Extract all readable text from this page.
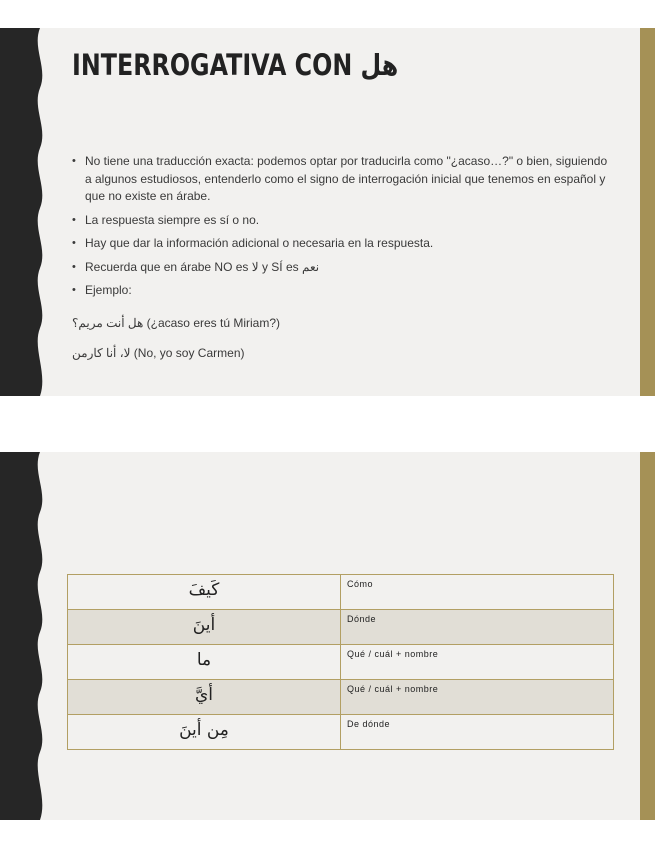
INTERROGATIVA CON هل
• No tiene una traducción exacta: podemos optar por traducirla como "¿acaso…?" o bien, siguiendo a algunos estudiosos, entenderlo como el signo de interrogación inicial que tenemos en español y que no existe en árabe.
• La respuesta siempre es sí o no.
• Hay que dar la información adicional o necesaria en la respuesta.
• Recuerda que en árabe NO es لا y SÍ es نعم
• Ejemplo:
هل أنت مريم؟ (¿acaso eres tú Miriam?)
لا، أنا كارمن (No, yo soy Carmen)
كَيفَ	Cómo
أينَ	Dónde
ما	Qué / cuál + nombre
أيَّ	Qué / cuál + nombre
مِن أينَ	De dónde
